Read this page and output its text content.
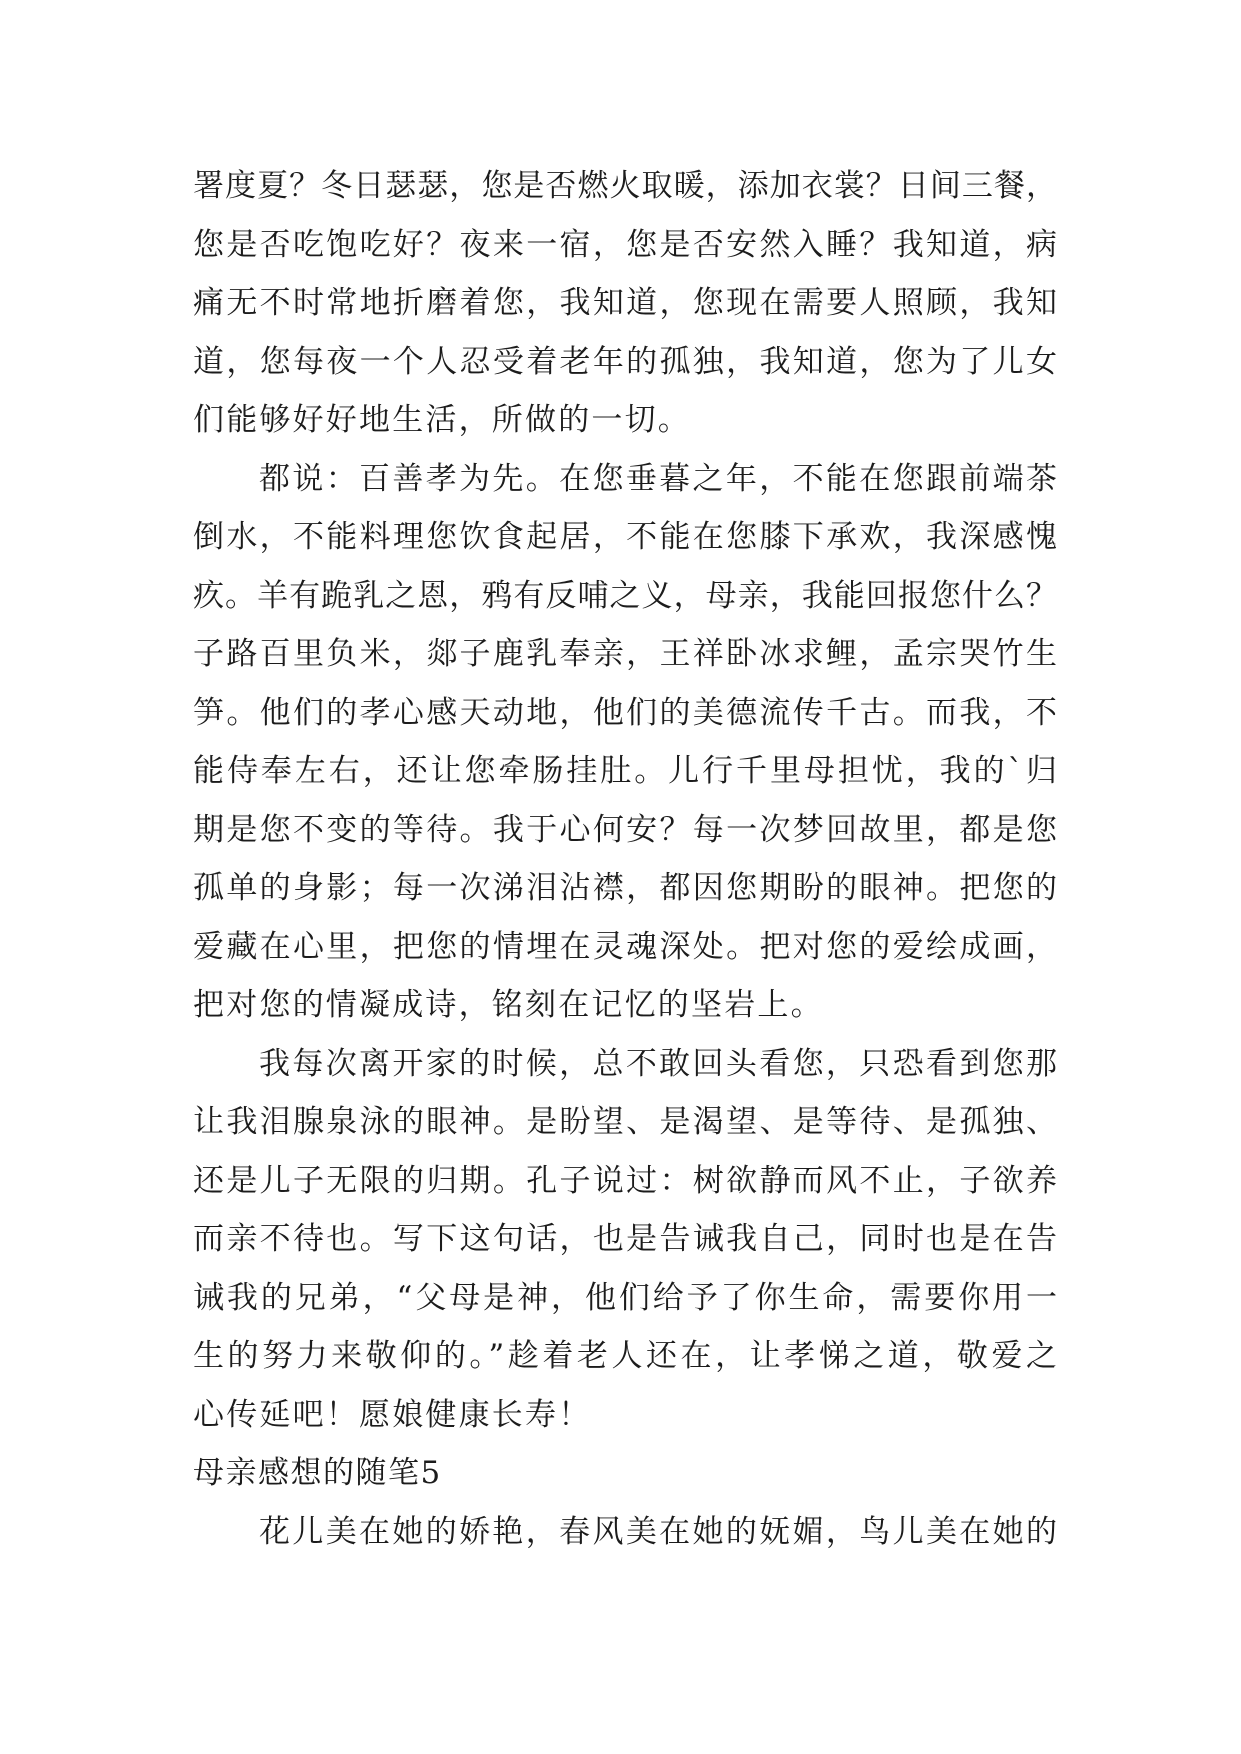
署度夏？冬日瑟瑟，您是否燃火取暖，添加衣裳？日间三餐，
您是否吃饱吃好？夜来一宿，您是否安然入睡？我知道，病
痛无不时常地折磨着您，我知道，您现在需要人照顾，我知
道，您每夜一个人忍受着老年的孤独，我知道，您为了儿女
们能够好好地生活，所做的一切。
都说：百善孝为先。在您垂暮之年，不能在您跟前端茶
倒水，不能料理您饮食起居，不能在您膝下承欢，我深感愧
疚。羊有跪乳之恩，鸦有反哺之义，母亲，我能回报您什么？
子路百里负米，郯子鹿乳奉亲，王祥卧冰求鲤，孟宗哭竹生
笋。他们的孝心感天动地，他们的美德流传千古。而我，不
能侍奉左右，还让您牵肠挂肚。儿行千里母担忧，我的`归
期是您不变的等待。我于心何安？每一次梦回故里，都是您
孤单的身影；每一次涕泪沾襟，都因您期盼的眼神。把您的
爱藏在心里，把您的情埋在灵魂深处。把对您的爱绘成画，
把对您的情凝成诗，铭刻在记忆的坚岩上。
我每次离开家的时候，总不敢回头看您，只恐看到您那
让我泪腺泉泳的眼神。是盼望、是渴望、是等待、是孤独、
还是儿子无限的归期。孔子说过：树欲静而风不止，子欲养
而亲不待也。写下这句话，也是告诫我自己，同时也是在告
诫我的兄弟，“父母是神，他们给予了你生命，需要你用一
生的努力来敬仰的。”趁着老人还在，让孝悌之道，敬爱之
心传延吧！愿娘健康长寿！
母亲感想的随笔5
花儿美在她的娇艳，春风美在她的妩媚，鸟儿美在她的
